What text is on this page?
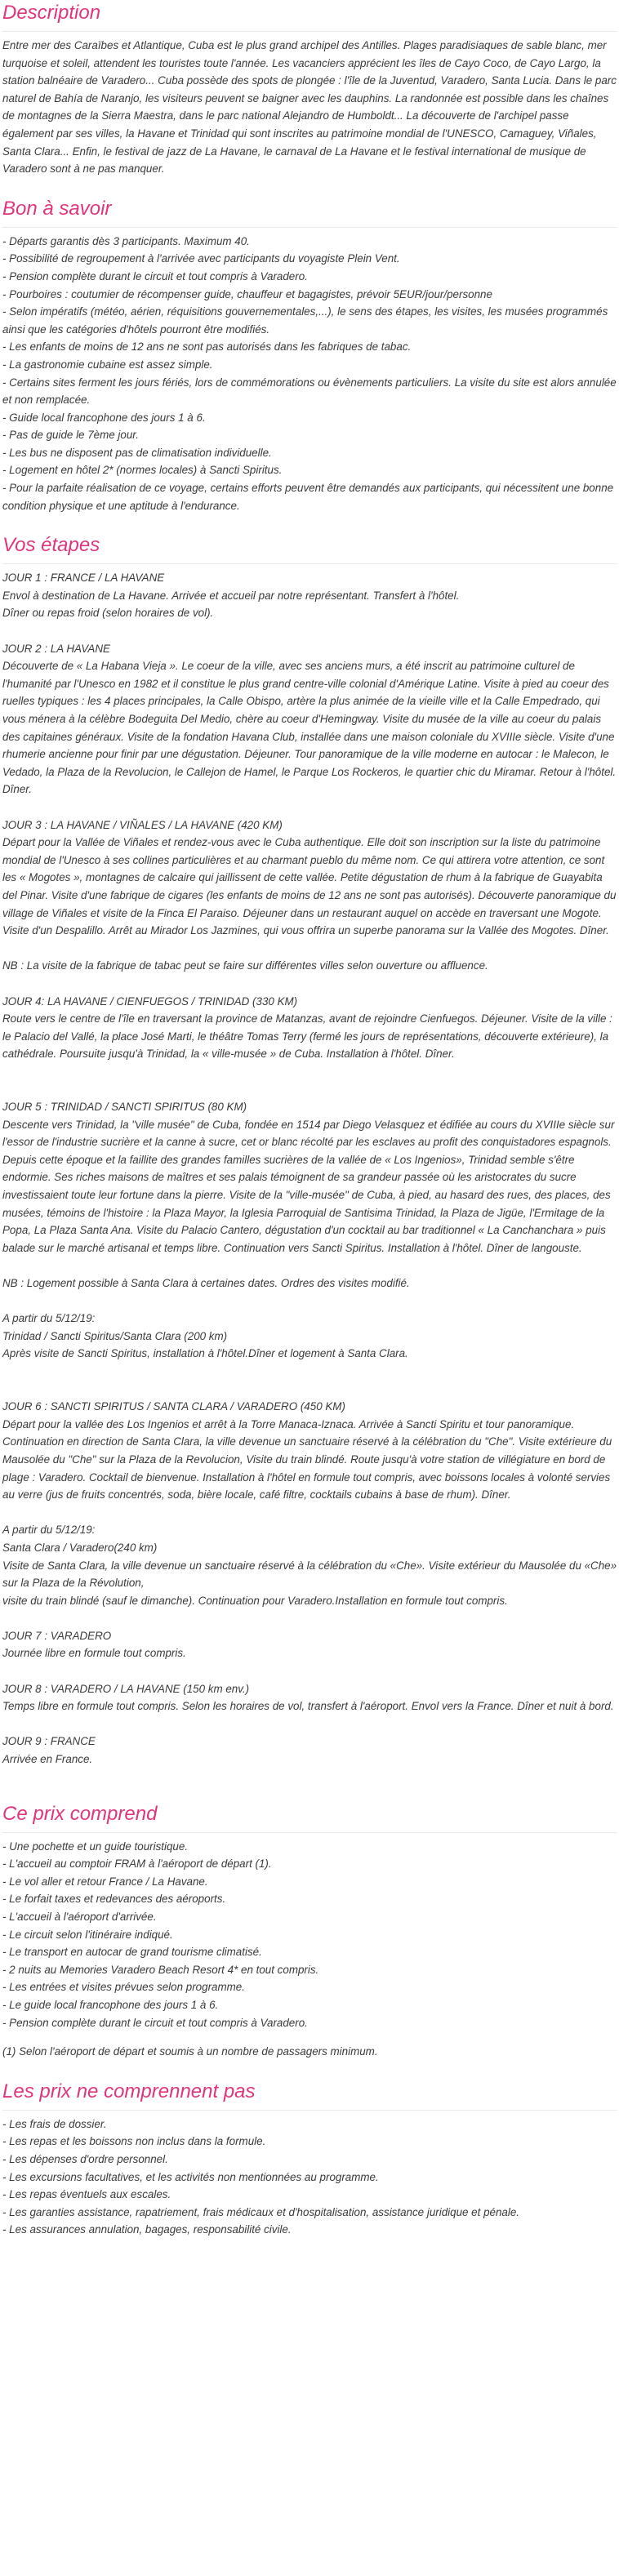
Description
Entre mer des Caraïbes et Atlantique, Cuba est le plus grand archipel des Antilles. Plages paradisiaques de sable blanc, mer turquoise et soleil, attendent les touristes toute l'année. Les vacanciers apprécient les îles de Cayo Coco, de Cayo Largo, la station balnéaire de Varadero... Cuba possède des spots de plongée : l'île de la Juventud, Varadero, Santa Lucia. Dans le parc naturel de Bahía de Naranjo, les visiteurs peuvent se baigner avec les dauphins. La randonnée est possible dans les chaînes de montagnes de la Sierra Maestra, dans le parc national Alejandro de Humboldt... La découverte de l'archipel passe également par ses villes, la Havane et Trinidad qui sont inscrites au patrimoine mondial de l'UNESCO, Camaguey, Viñales, Santa Clara... Enfin, le festival de jazz de La Havane, le carnaval de La Havane et le festival international de musique de Varadero sont à ne pas manquer.
Bon à savoir
- Départs garantis dès 3 participants. Maximum 40.
- Possibilité de regroupement à l'arrivée avec participants du voyagiste Plein Vent.
- Pension complète durant le circuit et tout compris à Varadero.
- Pourboires : coutumier de récompenser guide, chauffeur et bagagistes, prévoir 5EUR/jour/personne
- Selon impératifs (météo, aérien, réquisitions gouvernementales,...), le sens des étapes, les visites, les musées programmés ainsi que les catégories d'hôtels pourront être modifiés.
- Les enfants de moins de 12 ans ne sont pas autorisés dans les fabriques de tabac.
- La gastronomie cubaine est assez simple.
- Certains sites ferment les jours fériés, lors de commémorations ou évènements particuliers. La visite du site est alors annulée et non remplacée.
- Guide local francophone des jours 1 à 6.
- Pas de guide le 7ème jour.
- Les bus ne disposent pas de climatisation individuelle.
- Logement en hôtel 2* (normes locales) à Sancti Spiritus.
- Pour la parfaite réalisation de ce voyage, certains efforts peuvent être demandés aux participants, qui nécessitent une bonne condition physique et une aptitude à l'endurance.
Vos étapes
JOUR 1 : FRANCE / LA HAVANE
Envol à destination de La Havane. Arrivée et accueil par notre représentant. Transfert à l'hôtel.
Dîner ou repas froid (selon horaires de vol).
JOUR 2 : LA HAVANE
Découverte de « La Habana Vieja ». Le coeur de la ville, avec ses anciens murs, a été inscrit au patrimoine culturel de l'humanité par l'Unesco en 1982 et il constitue le plus grand centre-ville colonial d'Amérique Latine. Visite à pied au coeur des ruelles typiques : les 4 places principales, la Calle Obispo, artère la plus animée de la vieille ville et la Calle Empedrado, qui vous ménera à la célèbre Bodeguita Del Medio, chère au coeur d'Hemingway. Visite du musée de la ville au coeur du palais des capitaines généraux. Visite de la fondation Havana Club, installée dans une maison coloniale du XVIIIe siècle. Visite d'une rhumerie ancienne pour finir par une dégustation. Déjeuner. Tour panoramique de la ville moderne en autocar : le Malecon, le Vedado, la Plaza de la Revolucion, le Callejon de Hamel, le Parque Los Rockeros, le quartier chic du Miramar. Retour à l'hôtel. Dîner.
JOUR 3 : LA HAVANE / VIÑALES / LA HAVANE (420 KM)
Départ pour la Vallée de Viñales et rendez-vous avec le Cuba authentique. Elle doit son inscription sur la liste du patrimoine mondial de l'Unesco à ses collines particulières et au charmant pueblo du même nom. Ce qui attirera votre attention, ce sont les « Mogotes », montagnes de calcaire qui jaillissent de cette vallée. Petite dégustation de rhum à la fabrique de Guayabita del Pinar. Visite d'une fabrique de cigares (les enfants de moins de 12 ans ne sont pas autorisés). Découverte panoramique du village de Viñales et visite de la Finca El Paraiso. Déjeuner dans un restaurant auquel on accède en traversant une Mogote. Visite d'un Despalillo. Arrêt au Mirador Los Jazmines, qui vous offrira un superbe panorama sur la Vallée des Mogotes. Dîner.
NB : La visite de la fabrique de tabac peut se faire sur différentes villes selon ouverture ou affluence.
JOUR 4: LA HAVANE / CIENFUEGOS / TRINIDAD (330 KM)
Route vers le centre de l'île en traversant la province de Matanzas, avant de rejoindre Cienfuegos. Déjeuner. Visite de la ville : le Palacio del Vallé, la place José Marti, le théâtre Tomas Terry (fermé les jours de représentations, découverte extérieure), la cathédrale. Poursuite jusqu'à Trinidad, la « ville-musée » de Cuba. Installation à l'hôtel. Dîner.
JOUR 5 : TRINIDAD / SANCTI SPIRITUS (80 KM)
Descente vers Trinidad, la "ville musée" de Cuba, fondée en 1514 par Diego Velasquez et édifiée au cours du XVIIIe siècle sur l'essor de l'industrie sucrière et la canne à sucre, cet or blanc récolté par les esclaves au profit des conquistadores espagnols. Depuis cette époque et la faillite des grandes familles sucrières de la vallée de « Los Ingenios», Trinidad semble s'être endormie. Ses riches maisons de maîtres et ses palais témoignent de sa grandeur passée où les aristocrates du sucre investissaient toute leur fortune dans la pierre. Visite de la "ville-musée" de Cuba, à pied, au hasard des rues, des places, des musées, témoins de l'histoire : la Plaza Mayor, la Iglesia Parroquial de Santisima Trinidad, la Plaza de Jigüe, l'Ermitage de la Popa, La Plaza Santa Ana. Visite du Palacio Cantero, dégustation d'un cocktail au bar traditionnel « La Canchanchara » puis balade sur le marché artisanal et temps libre. Continuation vers Sancti Spiritus. Installation à l'hôtel. Dîner de langouste.
NB : Logement possible à Santa Clara à certaines dates. Ordres des visites modifié.
A partir du 5/12/19:
Trinidad / Sancti Spiritus/Santa Clara (200 km)
Après visite de Sancti Spiritus, installation à l'hôtel.Dîner et logement à Santa Clara.
JOUR 6 : SANCTI SPIRITUS / SANTA CLARA / VARADERO (450 KM)
Départ pour la vallée des Los Ingenios et arrêt à la Torre Manaca-Iznaca. Arrivée à Sancti Spiritu et tour panoramique. Continuation en direction de Santa Clara, la ville devenue un sanctuaire réservé à la célébration du "Che". Visite extérieure du Mausolée du "Che" sur la Plaza de la Revolucion, Visite du train blindé. Route jusqu'à votre station de villégiature en bord de plage : Varadero. Cocktail de bienvenue. Installation à l'hôtel en formule tout compris, avec boissons locales à volonté servies au verre (jus de fruits concentrés, soda, bière locale, café filtre, cocktails cubains à base de rhum). Dîner.
A partir du 5/12/19:
Santa Clara / Varadero(240 km)
Visite de Santa Clara, la ville devenue un sanctuaire réservé à la célébration du «Che». Visite extérieur du Mausolée du «Che» sur la Plaza de la Révolution,
visite du train blindé (sauf le dimanche). Continuation pour Varadero.Installation en formule tout compris.
JOUR 7 : VARADERO
Journée libre en formule tout compris.
JOUR 8 : VARADERO / LA HAVANE (150 km env.)
Temps libre en formule tout compris. Selon les horaires de vol, transfert à l'aéroport. Envol vers la France. Dîner et nuit à bord.
JOUR 9 : FRANCE
Arrivée en France.
Ce prix comprend
- Une pochette et un guide touristique.
- L'accueil au comptoir FRAM à l'aéroport de départ (1).
- Le vol aller et retour France / La Havane.
- Le forfait taxes et redevances des aéroports.
- L'accueil à l'aéroport d'arrivée.
- Le circuit selon l'itinéraire indiqué.
- Le transport en autocar de grand tourisme climatisé.
- 2 nuits au Memories Varadero Beach Resort 4* en tout compris.
- Les entrées et visites prévues selon programme.
- Le guide local francophone des jours 1 à 6.
- Pension complète durant le circuit et tout compris à Varadero.
(1) Selon l'aéroport de départ et soumis à un nombre de passagers minimum.
Les prix ne comprennent pas
- Les frais de dossier.
- Les repas et les boissons non inclus dans la formule.
- Les dépenses d'ordre personnel.
- Les excursions facultatives, et les activités non mentionnées au programme.
- Les repas éventuels aux escales.
- Les garanties assistance, rapatriement, frais médicaux et d'hospitalisation, assistance juridique et pénale.
- Les assurances annulation, bagages, responsabilité civile.
